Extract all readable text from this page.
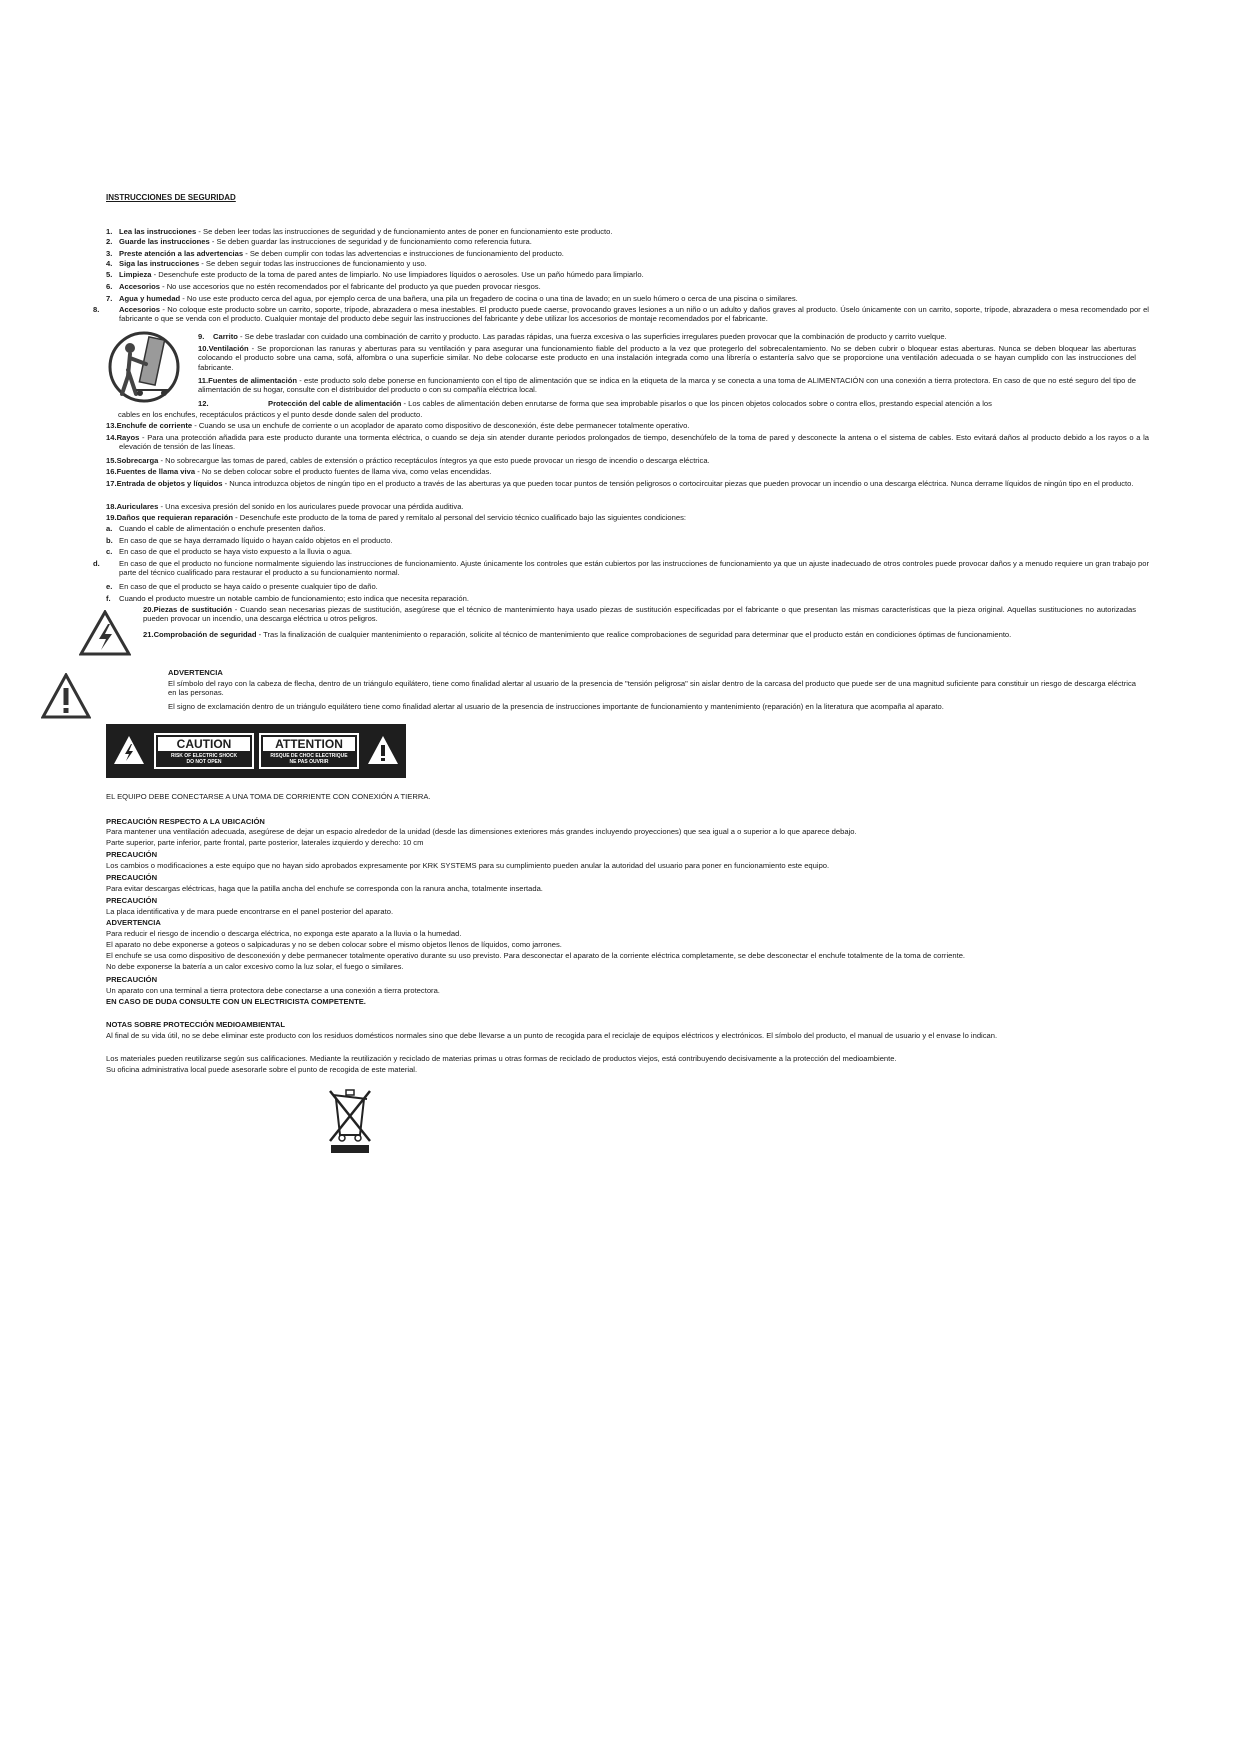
INSTRUCCIONES DE SEGURIDAD
1. Lea las instrucciones - Se deben leer todas las instrucciones de seguridad y de funcionamiento antes de poner en funcionamiento este producto.
2. Guarde las instrucciones - Se deben guardar las instrucciones de seguridad y de funcionamiento como referencia futura.
3. Preste atención a las advertencias - Se deben cumplir con todas las advertencias e instrucciones de funcionamiento del producto.
4. Siga las instrucciones - Se deben seguir todas las instrucciones de funcionamiento y uso.
5. Limpieza - Desenchufe este producto de la toma de pared antes de limpiarlo. No use limpiadores líquidos o aerosoles. Use un paño húmedo para limpiarlo.
6. Accesorios - No use accesorios que no estén recomendados por el fabricante del producto ya que pueden provocar riesgos.
7. Agua y humedad - No use este producto cerca del agua, por ejemplo cerca de una bañera, una pila un fregadero de cocina o una tina de lavado; en un suelo húmero o cerca de una piscina o similares.
8.	Accesorios - No coloque este producto sobre un carrito, soporte, trípode, abrazadera o mesa inestables. El producto puede caerse, provocando graves lesiones a un niño o un adulto y daños graves al producto. Úselo únicamente con un carrito, soporte, trípode, abrazadera o mesa recomendado por el fabricante o que se venda con el producto. Cualquier montaje del producto debe seguir las instrucciones del fabricante y debe utilizar los accesorios de montaje recomendados por el fabricante.
9. Carrito - Se debe trasladar con cuidado una combinación de carrito y producto. Las paradas rápidas, una fuerza excesiva o las superficies irregulares pueden provocar que la combinación de producto y carrito vuelque.
10.Ventilación - Se proporcionan las ranuras y aberturas para su ventilación y para asegurar una funcionamiento fiable del producto a la vez que protegerlo del sobrecalentamiento. No se deben cubrir o bloquear estas aberturas. Nunca se deben bloquear las aberturas colocando el producto sobre una cama, sofá, alfombra o una superficie similar. No debe colocarse este producto en una instalación integrada como una librería o estantería salvo que se proporcione una ventilación adecuada o se hayan cumplido con las instrucciones del fabricante.
11.Fuentes de alimentación - este producto solo debe ponerse en funcionamiento con el tipo de alimentación que se indica en la etiqueta de la marca y se conecta a una toma de ALIMENTACIÓN con una conexión a tierra protectora. En caso de que no esté seguro del tipo de alimentación de su hogar, consulte con el distribuidor del producto o con su compañía eléctrica local.
12.	Protección del cable de alimentación - Los cables de alimentación deben enrutarse de forma que sea improbable pisarlos o que los pincen objetos colocados sobre o contra ellos, prestando especial atención a los
cables en los enchufes, receptáculos prácticos y el punto desde donde salen del producto.
13.Enchufe de corriente - Cuando se usa un enchufe de corriente o un acoplador de aparato como dispositivo de desconexión, éste debe permanecer totalmente operativo.
14.Rayos - Para una protección añadida para este producto durante una tormenta eléctrica, o cuando se deja sin atender durante periodos prolongados de tiempo, desenchúfelo de la toma de pared y desconecte la antena o el sistema de cables. Esto evitará daños al producto debido a los rayos o a la elevación de tensión de las líneas.
15.Sobrecarga - No sobrecargue las tomas de pared, cables de extensión o práctico receptáculos íntegros ya que esto puede provocar un riesgo de incendio o descarga eléctrica.
16.Fuentes de llama viva - No se deben colocar sobre el producto fuentes de llama viva, como velas encendidas.
17.Entrada de objetos y líquidos - Nunca introduzca objetos de ningún tipo en el producto a través de las aberturas ya que pueden tocar puntos de tensión peligrosos o cortocircuitar piezas que pueden provocar un incendio o una descarga eléctrica. Nunca derrame líquidos de ningún tipo en el producto.
18.Auriculares - Una excesiva presión del sonido en los auriculares puede provocar una pérdida auditiva.
19.Daños que requieran reparación - Desenchufe este producto de la toma de pared y remítalo al personal del servicio técnico cualificado bajo las siguientes condiciones:
a. Cuando el cable de alimentación o enchufe presenten daños.
b. En caso de que se haya derramado líquido o hayan caído objetos en el producto.
c. En caso de que el producto se haya visto expuesto a la lluvia o agua.
d.	En caso de que el producto no funcione normalmente siguiendo las instrucciones de funcionamiento. Ajuste únicamente los controles que están cubiertos por las instrucciones de funcionamiento ya que un ajuste inadecuado de otros controles puede provocar daños y a menudo requiere un gran trabajo por parte del técnico cualificado para restaurar el producto a su funcionamiento normal.
e. En caso de que el producto se haya caído o presente cualquier tipo de daño.
f. Cuando el producto muestre un notable cambio de funcionamiento; esto indica que necesita reparación.
20.Piezas de sustitución - Cuando sean necesarias piezas de sustitución, asegúrese que el técnico de mantenimiento haya usado piezas de sustitución especificadas por el fabricante o que presentan las mismas características que la pieza original. Aquellas sustituciones no autorizadas pueden provocar un incendio, una descarga eléctrica u otros peligros.
21.Comprobación de seguridad - Tras la finalización de cualquier mantenimiento o reparación, solicite al técnico de mantenimiento que realice comprobaciones de seguridad para determinar que el producto están en condiciones óptimas de funcionamiento.
ADVERTENCIA
El símbolo del rayo con la cabeza de flecha, dentro de un triángulo equilátero, tiene como finalidad alertar al usuario de la presencia de "tensión peligrosa" sin aislar dentro de la carcasa del producto que puede ser de una magnitud suficiente para constituir un riesgo de descarga eléctrica en las personas.
El signo de exclamación dentro de un triángulo equilátero tiene como finalidad alertar al usuario de la presencia de instrucciones importante de funcionamiento y mantenimiento (reparación) en la literatura que acompaña al aparato.
CAUTION
RISK OF ELECTRIC SHOCK
DO NOT OPEN
ATTENTION
RISQUE DE CHOC ELECTRIQUE
NE PAS OUVRIR
EL EQUIPO DEBE CONECTARSE A UNA TOMA DE CORRIENTE CON CONEXIÓN A TIERRA.
PRECAUCIÓN RESPECTO A LA UBICACIÓN
Para mantener una ventilación adecuada, asegúrese de dejar un espacio alrededor de la unidad (desde las dimensiones exteriores más grandes incluyendo proyecciones) que sea igual a o superior a lo que aparece debajo.
Parte superior, parte inferior, parte frontal, parte posterior, laterales izquierdo y derecho: 10 cm
PRECAUCIÓN
Los cambios o modificaciones a este equipo que no hayan sido aprobados expresamente por KRK SYSTEMS para su cumplimiento pueden anular la autoridad del usuario para poner en funcionamiento este equipo.
PRECAUCIÓN
Para evitar descargas eléctricas, haga que la patilla ancha del enchufe se corresponda con la ranura ancha, totalmente insertada.
PRECAUCIÓN
La placa identificativa y de mara puede encontrarse en el panel posterior del aparato.
ADVERTENCIA
Para reducir el riesgo de incendio o descarga eléctrica, no exponga este aparato a la lluvia o la humedad.
El aparato no debe exponerse a goteos o salpicaduras y no se deben colocar sobre el mismo objetos llenos de líquidos, como jarrones.
El enchufe se usa como dispositivo de desconexión y debe permanecer totalmente operativo durante su uso previsto. Para desconectar el aparato de la corriente eléctrica completamente, se debe desconectar el enchufe totalmente de la toma de corriente.
No debe exponerse la batería a un calor excesivo como la luz solar, el fuego o similares.
PRECAUCIÓN
Un aparato con una terminal a tierra protectora debe conectarse a una conexión a tierra protectora.
EN CASO DE DUDA CONSULTE CON UN ELECTRICISTA COMPETENTE.
NOTAS SOBRE PROTECCIÓN MEDIOAMBIENTAL
Al final de su vida útil, no se debe eliminar este producto con los residuos domésticos normales sino que debe llevarse a un punto de recogida para el reciclaje de equipos eléctricos y electrónicos. El símbolo del producto, el manual de usuario y el envase lo indican.
Los materiales pueden reutilizarse según sus calificaciones. Mediante la reutilización y reciclado de materias primas u otras formas de reciclado de productos viejos, está contribuyendo decisivamente a la protección del medioambiente.
Su oficina administrativa local puede asesorarle sobre el punto de recogida de este material.
